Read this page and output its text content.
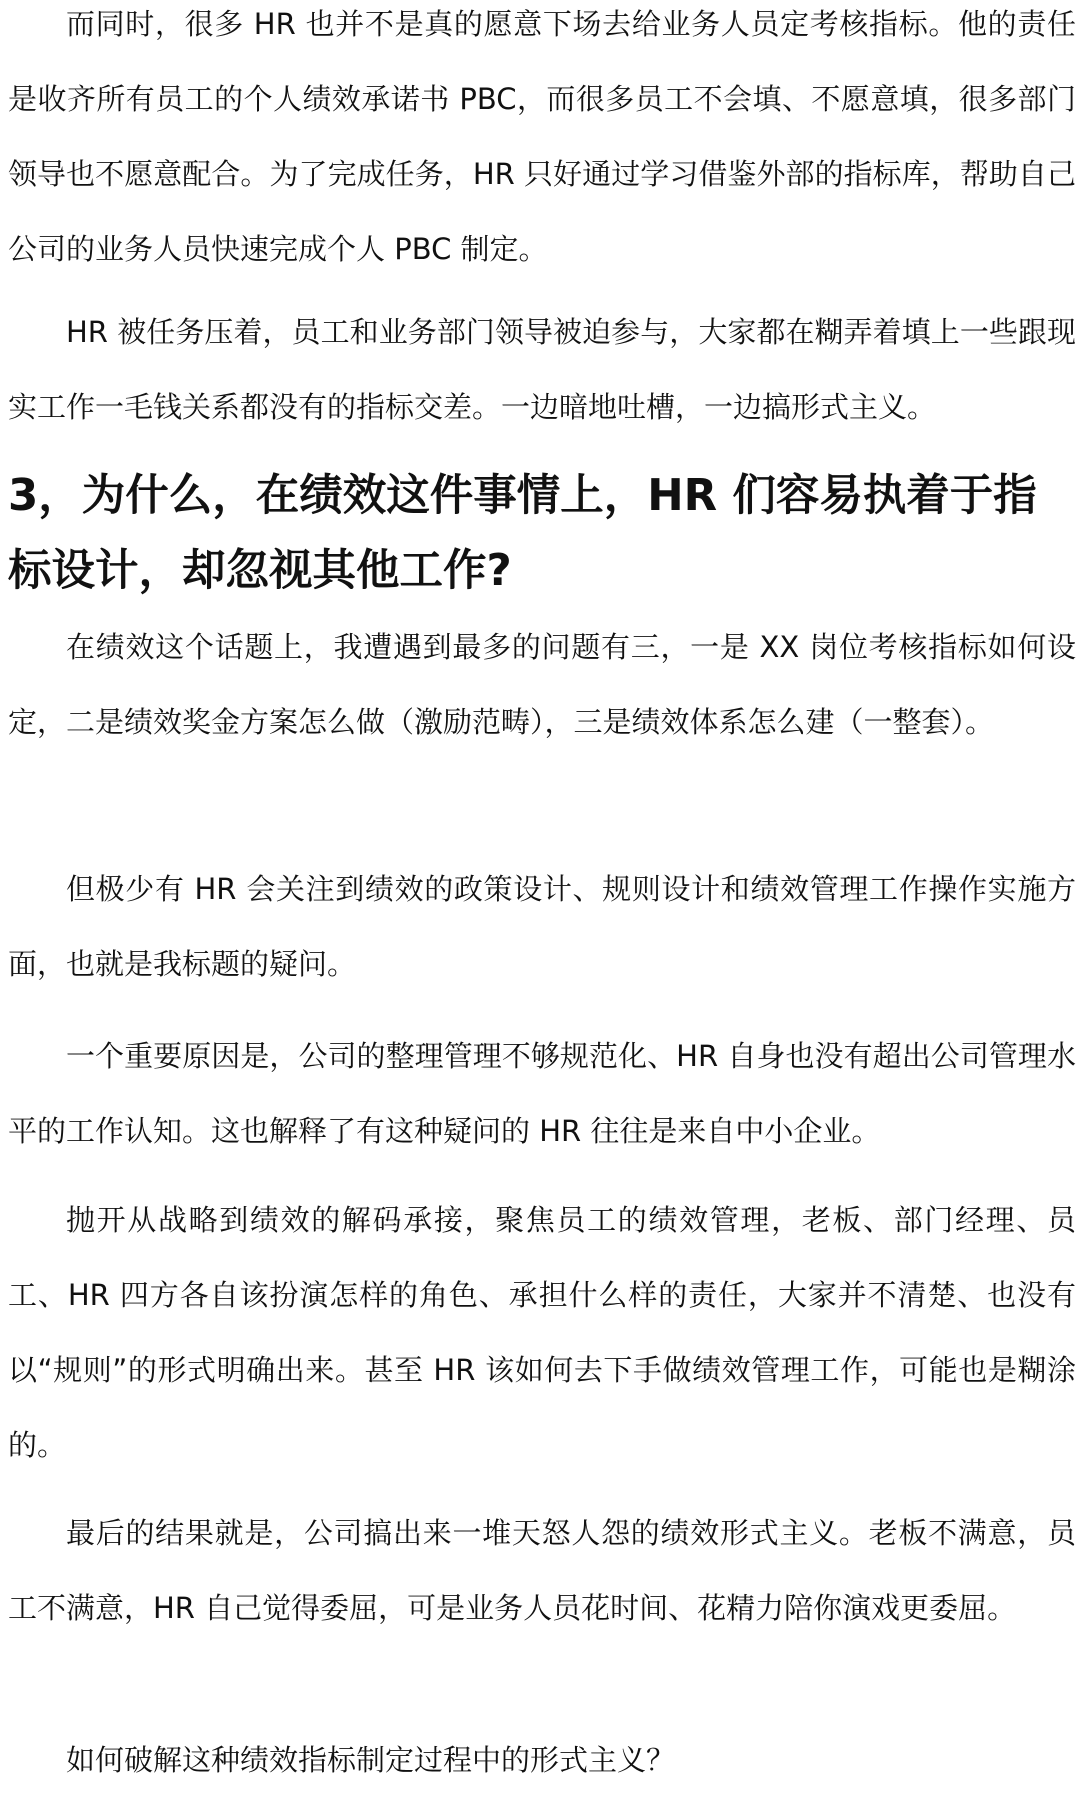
而同时，很多 HR 也并不是真的愿意下场去给业务人员定考核指标。他的责任是收齐所有员工的个人绩效承诺书 PBC，而很多员工不会填、不愿意填，很多部门领导也不愿意配合。为了完成任务，HR 只好通过学习借鉴外部的指标库，帮助自己公司的业务人员快速完成个人 PBC 制定。

HR 被任务压着，员工和业务部门领导被迫参与，大家都在糊弄着填上一些跟现实工作一毛钱关系都没有的指标交差。一边暗地吐槽，一边搞形式主义。

3，为什么，在绩效这件事情上，HR 们容易执着于指标设计，却忽视其他工作?

在绩效这个话题上，我遭遇到最多的问题有三，一是 XX 岗位考核指标如何设定，二是绩效奖金方案怎么做（激励范畴），三是绩效体系怎么建（一整套）。

但极少有 HR 会关注到绩效的政策设计、规则设计和绩效管理工作操作实施方面，也就是我标题的疑问。

一个重要原因是，公司的整理管理不够规范化、HR 自身也没有超出公司管理水平的工作认知。这也解释了有这种疑问的 HR 往往是来自中小企业。

抛开从战略到绩效的解码承接，聚焦员工的绩效管理，老板、部门经理、员工、HR 四方各自该扮演怎样的角色、承担什么样的责任，大家并不清楚、也没有以“规则”的形式明确出来。甚至 HR 该如何去下手做绩效管理工作，可能也是糊涂的。

最后的结果就是，公司搞出来一堆天怒人怨的绩效形式主义。老板不满意，员工不满意，HR 自己觉得委屈，可是业务人员花时间、花精力陪你演戏更委屈。

如何破解这种绩效指标制定过程中的形式主义？
